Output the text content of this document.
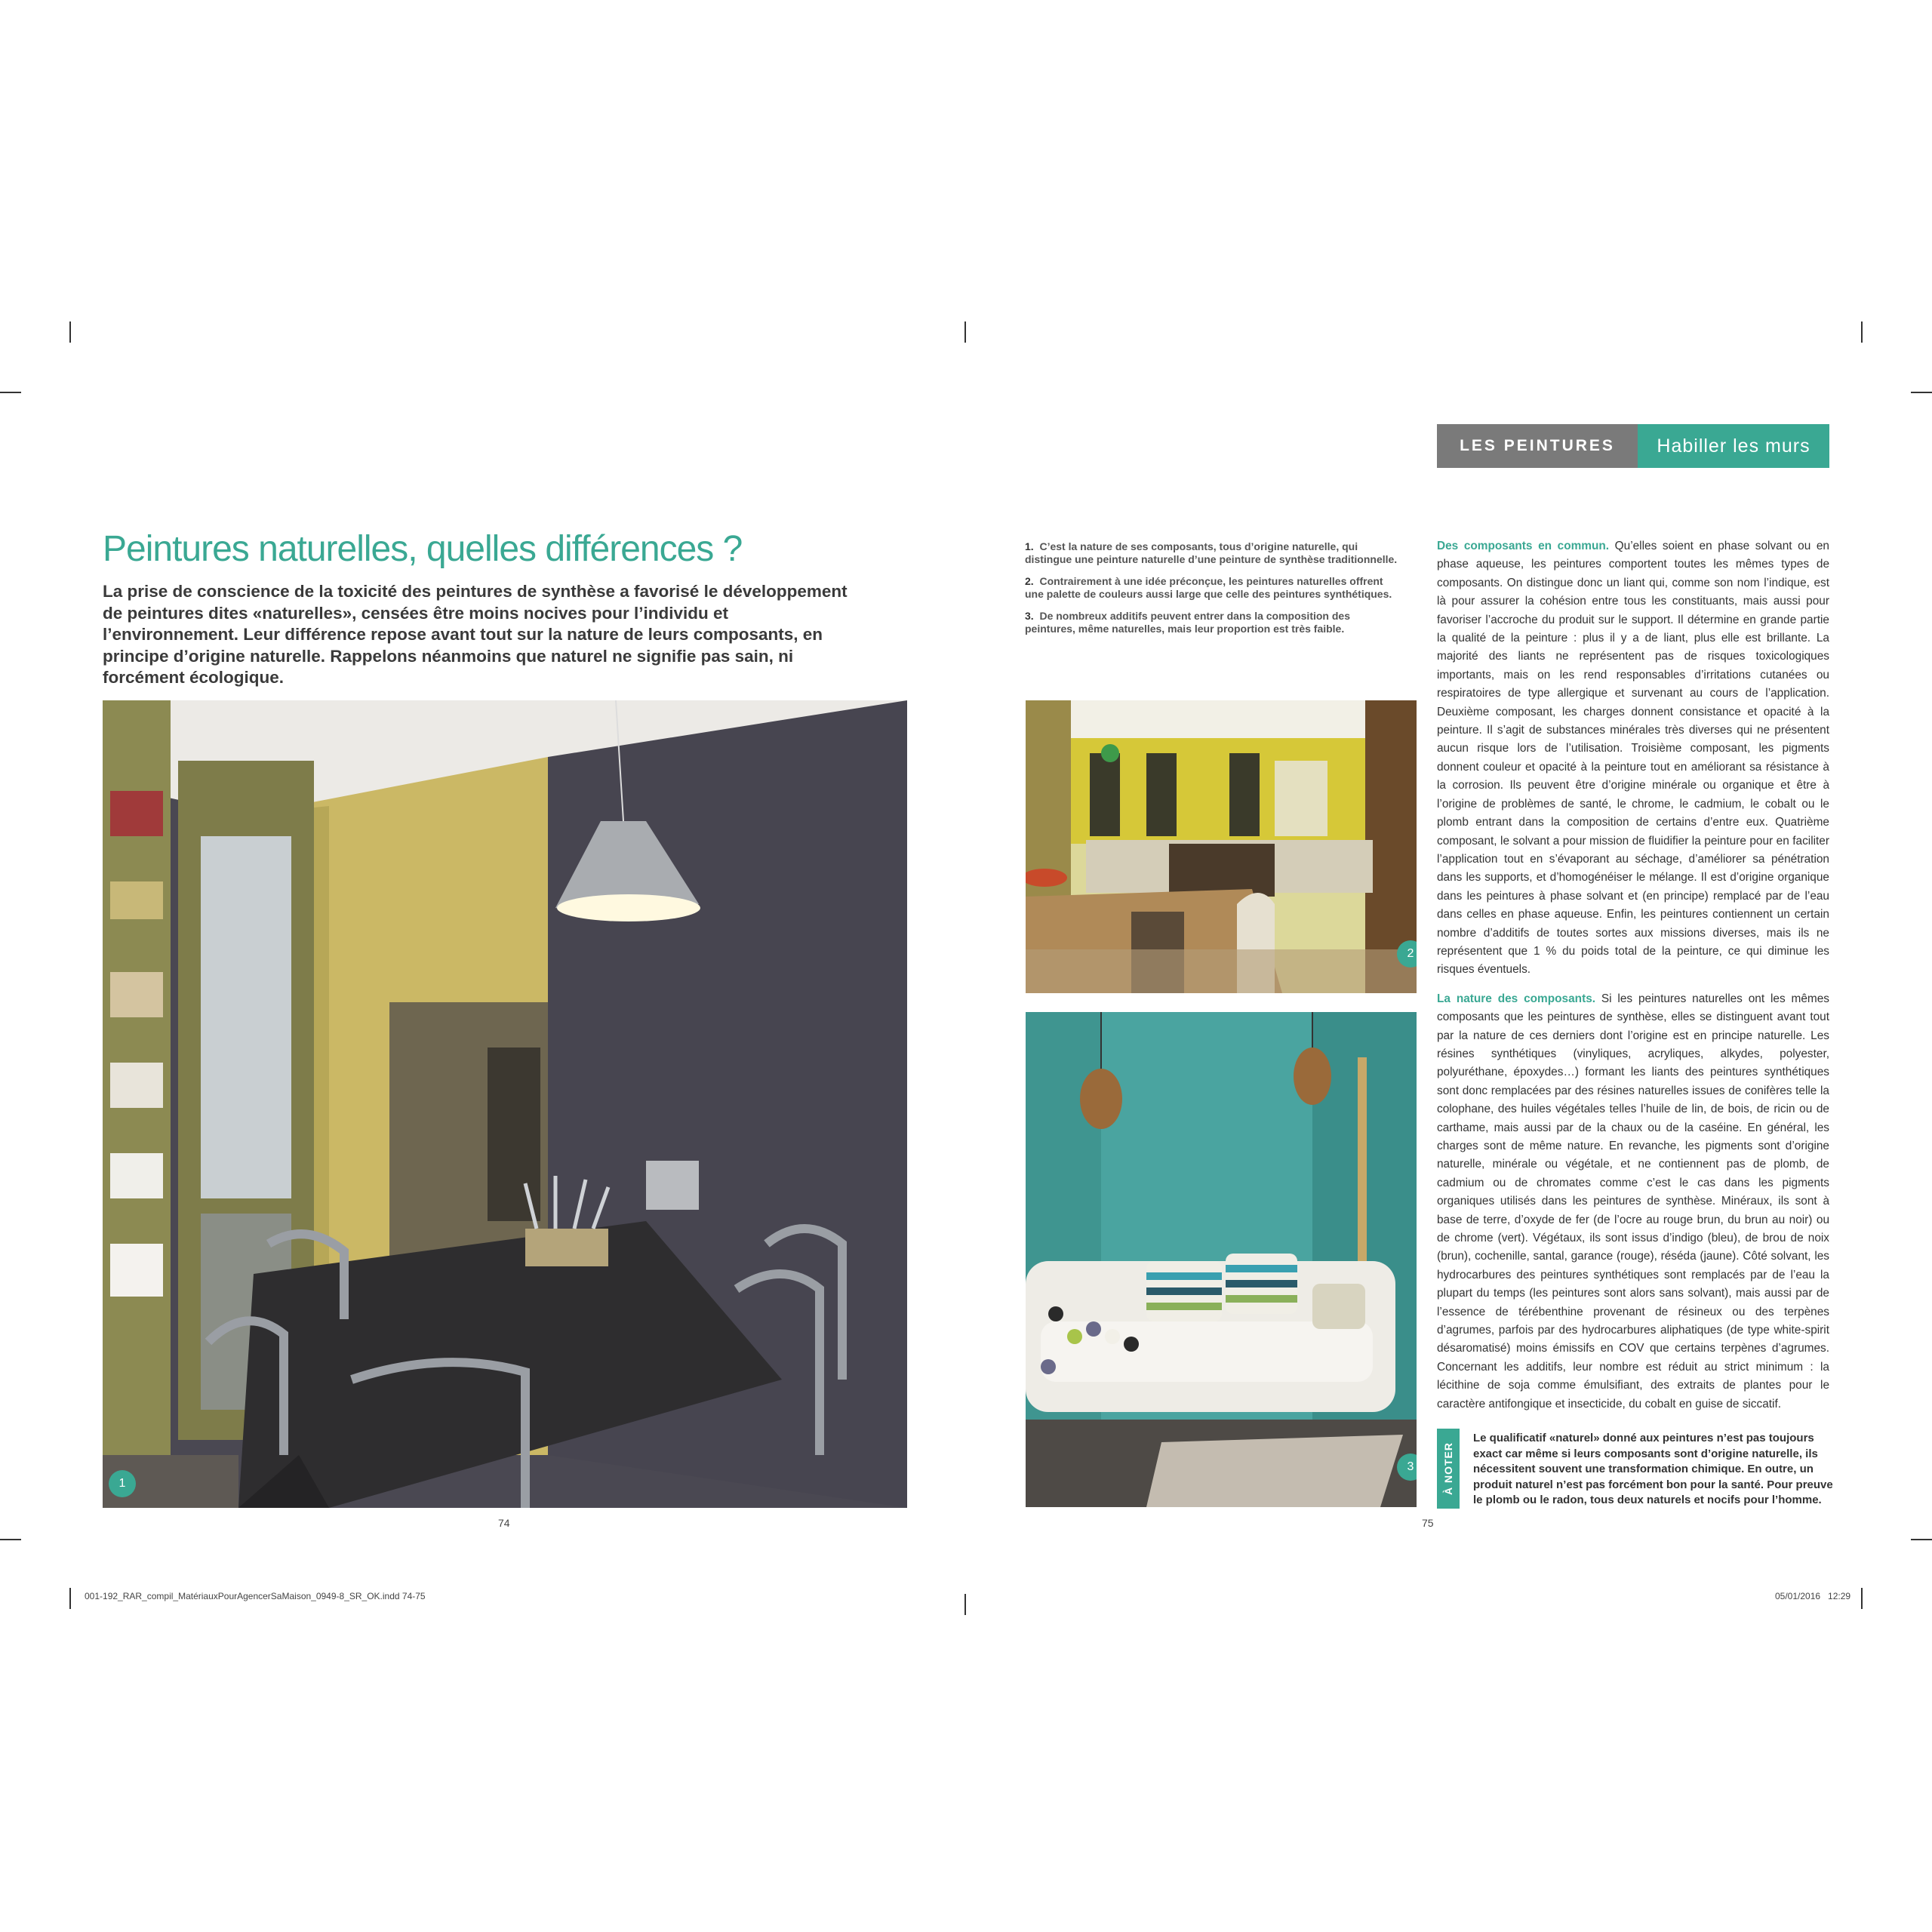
LES PEINTURES	Habiller les murs
Peintures naturelles, quelles différences ?

La prise de conscience de la toxicité des peintures de synthèse a favorisé le développement de peintures dites «naturelles», censées être moins nocives pour l’individu et l’environnement. Leur différence repose avant tout sur la nature de leurs composants, en principe d’origine naturelle. Rappelons néanmoins que naturel ne signifie pas sain, ni forcément écologique.

1
74

1. C’est la nature de ses composants, tous d’origine naturelle, qui distingue une peinture naturelle d’une peinture de synthèse traditionnelle.

2. Contrairement à une idée préconçue, les peintures naturelles offrent une palette de couleurs aussi large que celle des peintures synthétiques.

3. De nombreux additifs peuvent entrer dans la composition des peintures, même naturelles, mais leur proportion est très faible.

2
3

Des composants en commun. Qu’elles soient en phase solvant ou en phase aqueuse, les peintures comportent toutes les mêmes types de composants. On distingue donc un liant qui, comme son nom l’indique, est là pour assurer la cohésion entre tous les constituants, mais aussi pour favoriser l’accroche du produit sur le support. Il détermine en grande partie la qualité de la peinture : plus il y a de liant, plus elle est brillante. La majorité des liants ne représentent pas de risques toxicologiques importants, mais on les rend responsables d’irritations cutanées ou respiratoires de type allergique et survenant au cours de l’application. Deuxième composant, les charges donnent consistance et opacité à la peinture. Il s’agit de substances minérales très diverses qui ne présentent aucun risque lors de l’utilisation. Troisième composant, les pigments donnent couleur et opacité à la peinture tout en améliorant sa résistance à la corrosion. Ils peuvent être d’origine minérale ou organique et être à l’origine de problèmes de santé, le chrome, le cadmium, le cobalt ou le plomb entrant dans la composition de certains d’entre eux. Quatrième composant, le solvant a pour mission de fluidifier la peinture pour en faciliter l’application tout en s’évaporant au séchage, d’améliorer sa pénétration dans les supports, et d’homogénéiser le mélange. Il est d’origine organique dans les peintures à phase solvant et (en principe) remplacé par de l’eau dans celles en phase aqueuse. Enfin, les peintures contiennent un certain nombre d’additifs de toutes sortes aux missions diverses, mais ils ne représentent que 1 % du poids total de la peinture, ce qui diminue les risques éventuels.

La nature des composants. Si les peintures naturelles ont les mêmes composants que les peintures de synthèse, elles se distinguent avant tout par la nature de ces derniers dont l’origine est en principe naturelle. Les résines synthétiques (vinyliques, acryliques, alkydes, polyester, polyuréthane, époxydes…) formant les liants des peintures synthétiques sont donc remplacées par des résines naturelles issues de conifères telle la colophane, des huiles végétales telles l’huile de lin, de bois, de ricin ou de carthame, mais aussi par de la chaux ou de la caséine. En général, les charges sont de même nature. En revanche, les pigments sont d’origine naturelle, minérale ou végétale, et ne contiennent pas de plomb, de cadmium ou de chromates comme c’est le cas dans les pigments organiques utilisés dans les peintures de synthèse. Minéraux, ils sont à base de terre, d’oxyde de fer (de l’ocre au rouge brun, du brun au noir) ou de chrome (vert). Végétaux, ils sont issus d’indigo (bleu), de brou de noix (brun), cochenille, santal, garance (rouge), réséda (jaune). Côté solvant, les hydrocarbures des peintures synthétiques sont remplacés par de l’eau la plupart du temps (les peintures sont alors sans solvant), mais aussi par de l’essence de térébenthine provenant de résineux ou des terpènes d’agrumes, parfois par des hydrocarbures aliphatiques (de type white-spirit désaromatisé) moins émissifs en COV que certains terpènes d’agrumes. Concernant les additifs, leur nombre est réduit au strict minimum : la lécithine de soja comme émulsifiant, des extraits de plantes pour le caractère antifongique et insecticide, du cobalt en guise de siccatif.

À NOTER
Le qualificatif «naturel» donné aux peintures n’est pas toujours exact car même si leurs composants sont d’origine naturelle, ils nécessitent souvent une transformation chimique. En outre, un produit naturel n’est pas forcément bon pour la santé. Pour preuve le plomb ou le radon, tous deux naturels et nocifs pour l’homme.
75
001-192_RAR_compil_MatériauxPourAgencerSaMaison_0949-8_SR_OK.indd 74-75	05/01/2016   12:29
